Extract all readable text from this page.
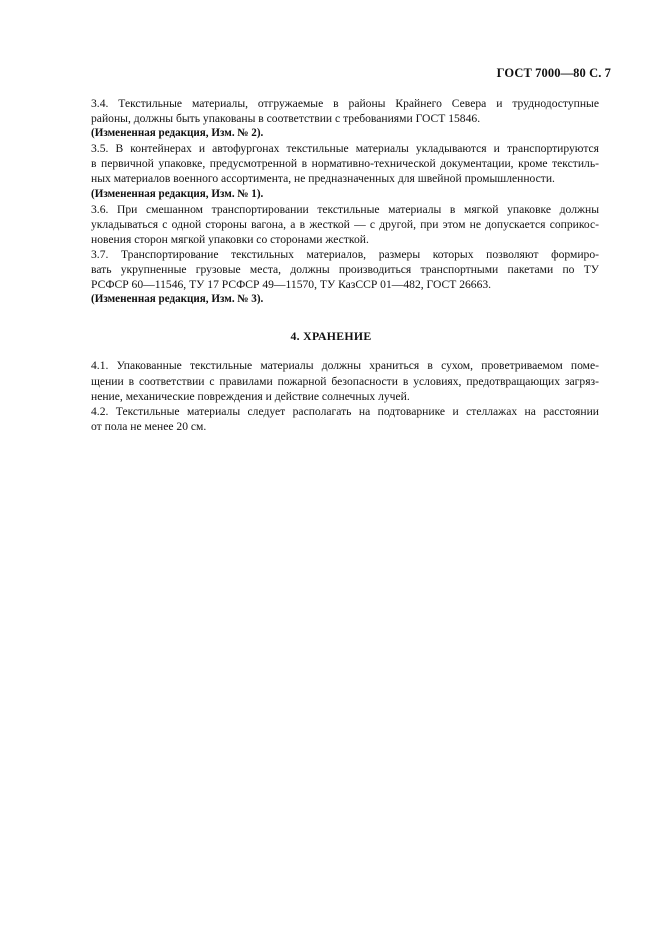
ГОСТ 7000—80 С. 7
3.4. Текстильные материалы, отгружаемые в районы Крайнего Севера и труднодоступные
районы, должны быть упакованы в соответствии с требованиями ГОСТ 15846.
(Измененная редакция, Изм. № 2).
3.5. В контейнерах и автофургонах текстильные материалы укладываются и транспортируются
в первичной упаковке, предусмотренной в нормативно-технической документации, кроме текстиль-
ных материалов военного ассортимента, не предназначенных для швейной промышленности.
(Измененная редакция, Изм. № 1).
3.6. При смешанном транспортировании текстильные материалы в мягкой упаковке должны
укладываться с одной стороны вагона, а в жесткой — с другой, при этом не допускается соприкос-
новения сторон мягкой упаковки со сторонами жесткой.
3.7. Транспортирование текстильных материалов, размеры которых позволяют формиро-
вать укрупненные грузовые места, должны производиться транспортными пакетами по ТУ
РСФСР 60—11546, ТУ 17 РСФСР 49—11570, ТУ КазССР 01—482, ГОСТ 26663.
(Измененная редакция, Изм. № 3).
4. ХРАНЕНИЕ
4.1. Упакованные текстильные материалы должны храниться в сухом, проветриваемом поме-
щении в соответствии с правилами пожарной безопасности в условиях, предотвращающих загряз-
нение, механические повреждения и действие солнечных лучей.
4.2. Текстильные материалы следует располагать на подтоварнике и стеллажах на расстоянии
от пола не менее 20 см.
